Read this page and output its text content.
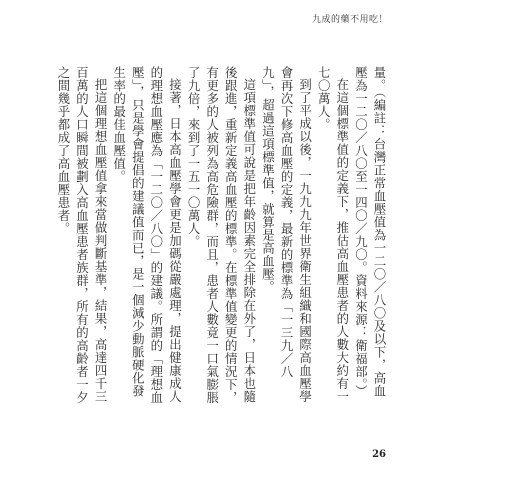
九成的藥不用吃！

量。（編註：台灣正常血壓值為一二〇／八〇及以下，高血壓為一二〇／八〇至一四〇／九〇。資料來源：衛福部。）

在這個標準值的定義下，推估高血壓患者的人數大約有一七〇萬人。

到了平成以後，一九九九年世界衛生組織和國際高血壓學會再次下修高血壓的定義，最新的標準為「一三九／八九」，超過這項標準值，就算是高血壓。

這項標準值可說是把年齡因素完全排除在外了，日本也隨後跟進，重新定義高血壓的標準。在標準值變更的情況下，有更多的人被列為高危險群，而且，患者人數竟一口氣膨脹了九倍，來到了一五一〇萬人。

接著，日本高血壓學會更是加碼從嚴處理，提出健康成人的理想血壓應為「一二〇／八〇」的建議。所謂的「理想血壓」，只是學會提倡的建議值而已，是一個減少動脈硬化發生率的最佳血壓值。

把這個理想血壓值拿來當做判斷基準，結果，高達四千三百萬的人口瞬間被劃入高血壓患者族群，所有的高齡者一夕之間幾乎都成了高血壓患者。

26
